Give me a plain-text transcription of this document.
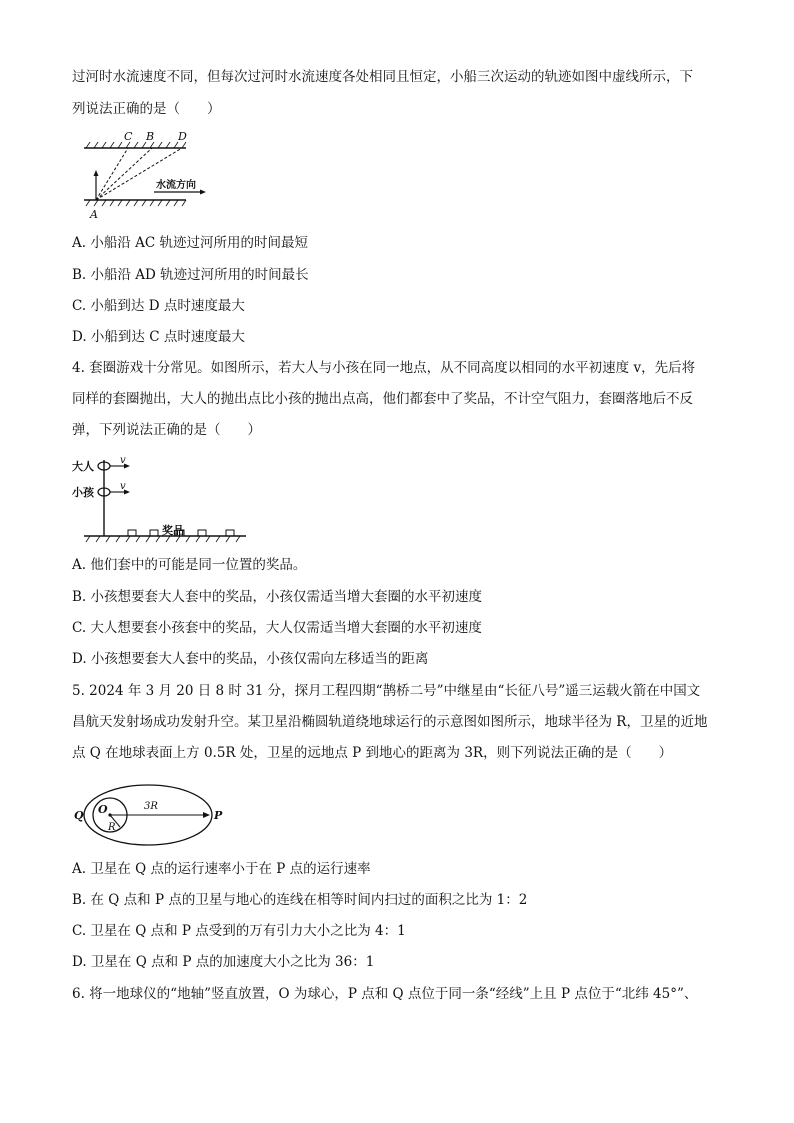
过河时水流速度不同，但每次过河时水流速度各处相同且恒定，小船三次运动的轨迹如图中虚线所示，下
列说法正确的是（　　）
C B D
A
水流方向
A. 小船沿 AC 轨迹过河所用的时间最短
B. 小船沿 AD 轨迹过河所用的时间最长
C. 小船到达 D 点时速度最大
D. 小船到达 C 点时速度最大
4. 套圈游戏十分常见。如图所示，若大人与小孩在同一地点，从不同高度以相同的水平初速度 v，先后将
同样的套圈抛出，大人的抛出点比小孩的抛出点高，他们都套中了奖品，不计空气阻力，套圈落地后不反
弹，下列说法正确的是（　　）
大人
小孩
v
v
奖品
A. 他们套中的可能是同一位置的奖品。
B. 小孩想要套大人套中的奖品，小孩仅需适当增大套圈的水平初速度
C. 大人想要套小孩套中的奖品，大人仅需适当增大套圈的水平初速度
D. 小孩想要套大人套中的奖品，小孩仅需向左移适当的距离
5. 2024 年 3 月 20 日 8 时 31 分，探月工程四期“鹊桥二号”中继星由“长征八号”遥三运载火箭在中国文
昌航天发射场成功发射升空。某卫星沿椭圆轨道绕地球运行的示意图如图所示，地球半径为 R，卫星的近地
点 Q 在地球表面上方 0.5R 处，卫星的远地点 P 到地心的距离为 3R，则下列说法正确的是（　　）
Q O
R
3R
P
A. 卫星在 Q 点的运行速率小于在 P 点的运行速率
B. 在 Q 点和 P 点的卫星与地心的连线在相等时间内扫过的面积之比为 1：2
C. 卫星在 Q 点和 P 点受到的万有引力大小之比为 4：1
D. 卫星在 Q 点和 P 点的加速度大小之比为 36：1
6. 将一地球仪的“地轴”竖直放置，O 为球心，P 点和 Q 点位于同一条“经线”上且 P 点位于“北纬 45°”、
